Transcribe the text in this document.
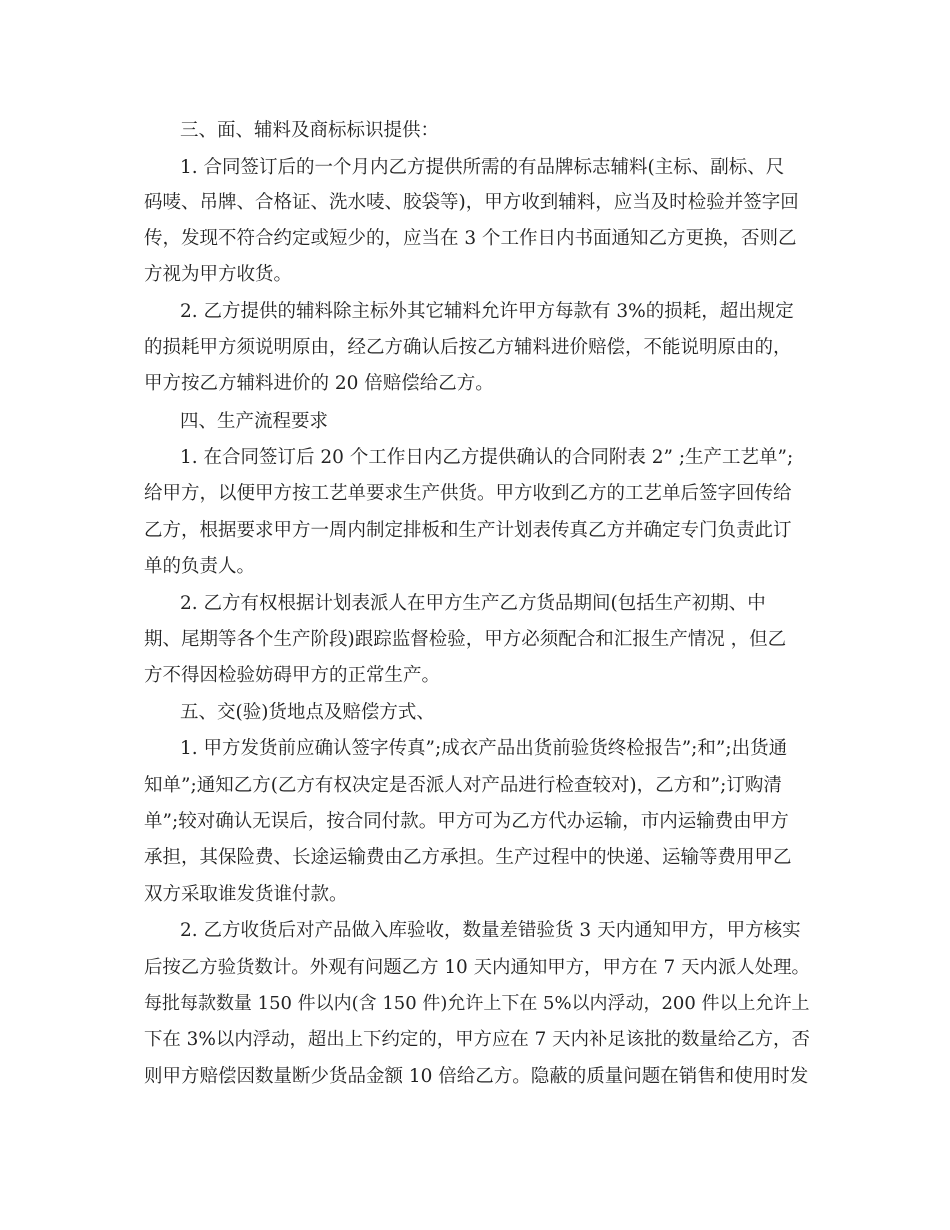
三、面、辅料及商标标识提供：
1. 合同签订后的一个月内乙方提供所需的有品牌标志辅料(主标、副标、尺
码唛、吊牌、合格证、洗水唛、胶袋等)，甲方收到辅料，应当及时检验并签字回
传，发现不符合约定或短少的，应当在 3 个工作日内书面通知乙方更换，否则乙
方视为甲方收货。
2. 乙方提供的辅料除主标外其它辅料允许甲方每款有 3%的损耗，超出规定
的损耗甲方须说明原由，经乙方确认后按乙方辅料进价赔偿，不能说明原由的，
甲方按乙方辅料进价的 20 倍赔偿给乙方。
四、生产流程要求
1. 在合同签订后 20 个工作日内乙方提供确认的合同附表 2” ;生产工艺单”;
给甲方，以便甲方按工艺单要求生产供货。甲方收到乙方的工艺单后签字回传给
乙方，根据要求甲方一周内制定排板和生产计划表传真乙方并确定专门负责此订
单的负责人。
2. 乙方有权根据计划表派人在甲方生产乙方货品期间(包括生产初期、中
期、尾期等各个生产阶段)跟踪监督检验，甲方必须配合和汇报生产情况 ，但乙
方不得因检验妨碍甲方的正常生产。
五、交(验)货地点及赔偿方式、
1. 甲方发货前应确认签字传真”;成衣产品出货前验货终检报告”;和”;出货通
知单”;通知乙方(乙方有权决定是否派人对产品进行检查较对)，乙方和”;订购清
单”;较对确认无误后，按合同付款。甲方可为乙方代办运输，市内运输费由甲方
承担，其保险费、长途运输费由乙方承担。生产过程中的快递、运输等费用甲乙
双方采取谁发货谁付款。
2. 乙方收货后对产品做入库验收，数量差错验货 3 天内通知甲方，甲方核实
后按乙方验货数计。外观有问题乙方 10 天内通知甲方，甲方在 7 天内派人处理。
每批每款数量 150 件以内(含 150 件)允许上下在 5%以内浮动，200 件以上允许上
下在 3%以内浮动，超出上下约定的，甲方应在 7 天内补足该批的数量给乙方，否
则甲方赔偿因数量断少货品金额 10 倍给乙方。隐蔽的质量问题在销售和使用时发
